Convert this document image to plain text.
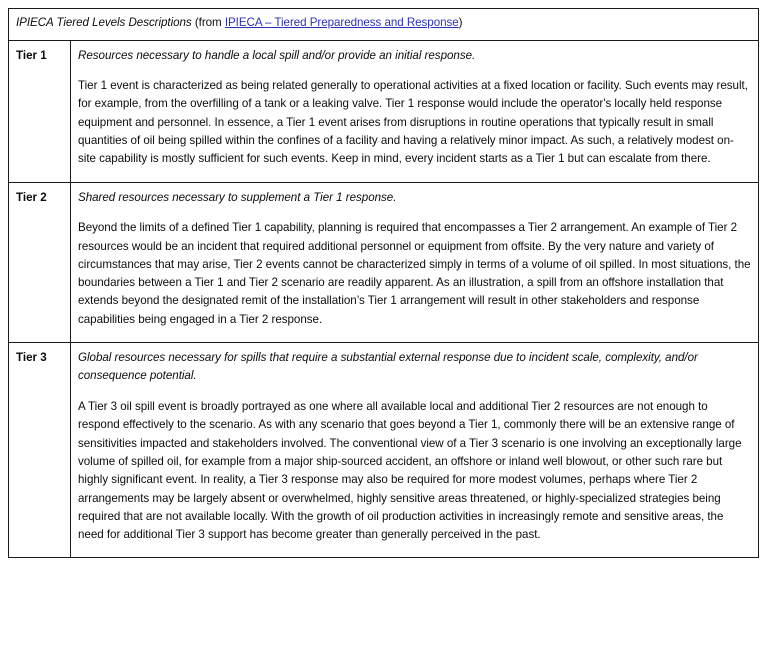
IPIECA Tiered Levels Descriptions (from IPIECA – Tiered Preparedness and Response)	
Tier 1	Resources necessary to handle a local spill and/or provide an initial response.

Tier 1 event is characterized as being related generally to operational activities at a fixed location or facility. Such events may result, for example, from the overfilling of a tank or a leaking valve. Tier 1 response would include the operator's locally held response equipment and personnel. In essence, a Tier 1 event arises from disruptions in routine operations that typically result in small quantities of oil being spilled within the confines of a facility and having a relatively minor impact. As such, a relatively modest on-site capability is mostly sufficient for such events. Keep in mind, every incident starts as a Tier 1 but can escalate from there.

Tier 2	Shared resources necessary to supplement a Tier 1 response.

Beyond the limits of a defined Tier 1 capability, planning is required that encompasses a Tier 2 arrangement. An example of Tier 2 resources would be an incident that required additional personnel or equipment from offsite. By the very nature and variety of circumstances that may arise, Tier 2 events cannot be characterized simply in terms of a volume of oil spilled. In most situations, the boundaries between a Tier 1 and Tier 2 scenario are readily apparent. As an illustration, a spill from an offshore installation that extends beyond the designated remit of the installation’s Tier 1 arrangement will result in other stakeholders and response capabilities being engaged in a Tier 2 response.

Tier 3	Global resources necessary for spills that require a substantial external response due to incident scale, complexity, and/or consequence potential.

A Tier 3 oil spill event is broadly portrayed as one where all available local and additional Tier 2 resources are not enough to respond effectively to the scenario. As with any scenario that goes beyond a Tier 1, commonly there will be an extensive range of sensitivities impacted and stakeholders involved. The conventional view of a Tier 3 scenario is one involving an exceptionally large volume of spilled oil, for example from a major ship-sourced accident, an offshore or inland well blowout, or other such rare but highly significant event. In reality, a Tier 3 response may also be required for more modest volumes, perhaps where Tier 2 arrangements may be largely absent or overwhelmed, highly sensitive areas threatened, or highly-specialized strategies being required that are not available locally. With the growth of oil production activities in increasingly remote and sensitive areas, the need for additional Tier 3 support has become greater than generally perceived in the past.
